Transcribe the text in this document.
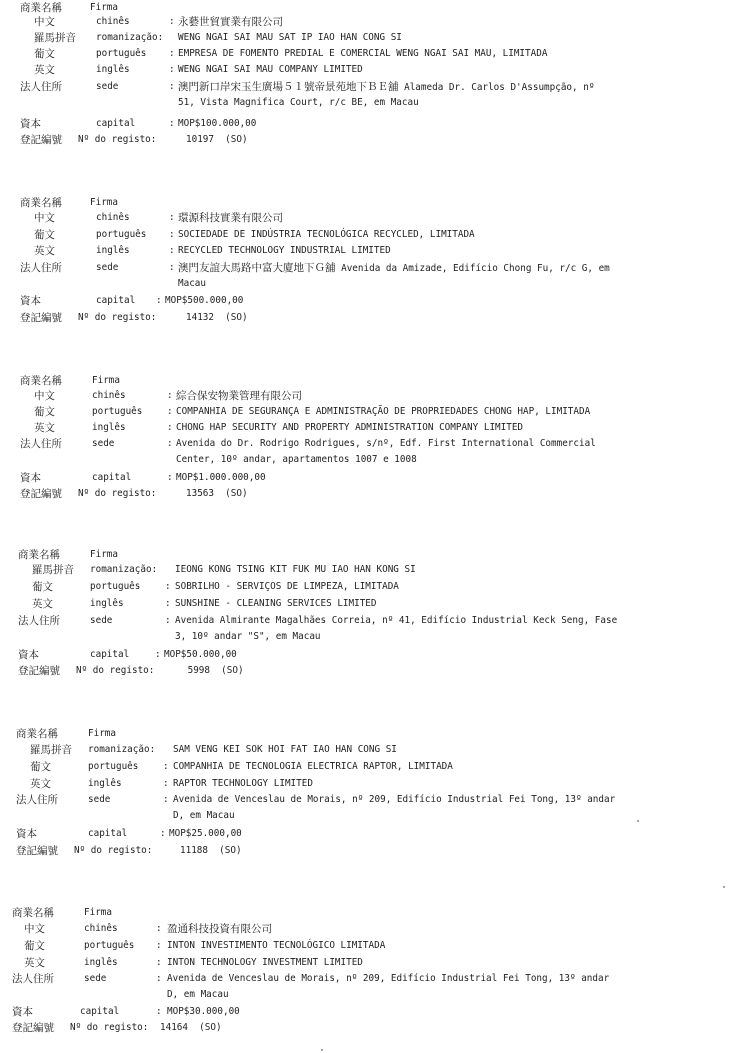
商業名稱	Firma
中文	chinês	: 永藝世貿實業有限公司
羅馬拼音 romanização: WENG NGAI SAI MAU SAT IP IAO HAN CONG SI
葡文	português : EMPRESA DE FOMENTO PREDIAL E COMERCIAL WENG NGAI SAI MAU, LIMITADA
英文	inglês	: WENG NGAI SAI MAU COMPANY LIMITED
法人住所	sede	: 澳門新口岸宋玉生廣場５１號帝景苑地下ＢＥ舖 Alameda Dr. Carlos D'Assumpção, nº
51, Vista Magnifica Court, r/c BE, em Macau
資本	capital	: MOP$100.000,00
登記編號 Nº do registo:	10197  (SO)
商業名稱	Firma
中文	chinês	: 環源科技實業有限公司
葡文	português : SOCIEDADE DE INDÚSTRIA TECNOLÓGICA RECYCLED, LIMITADA
英文	inglês	: RECYCLED TECHNOLOGY INDUSTRIAL LIMITED
法人住所	sede	: 澳門友誼大馬路中富大廈地下Ｇ舖 Avenida da Amizade, Edifício Chong Fu, r/c G, em
Macau
資本	capital : MOP$500.000,00
登記編號 Nº do registo:	14132  (SO)
商業名稱	Firma
中文	chinês	: 綜合保安物業管理有限公司
葡文	português	: COMPANHIA DE SEGURANÇA E ADMINISTRAÇÃO DE PROPRIEDADES CHONG HAP, LIMITADA
英文	inglês	: CHONG HAP SECURITY AND PROPERTY ADMINISTRATION COMPANY LIMITED
法人住所	sede	: Avenida do Dr. Rodrigo Rodrigues, s/nº, Edf. First International Commercial
Center, 10º andar, apartamentos 1007 e 1008
資本	capital	: MOP$1.000.000,00
登記編號 Nº do registo:	13563  (SO)
商業名稱	Firma
羅馬拼音 romanização: IEONG KONG TSING KIT FUK MU IAO HAN KONG SI
葡文	português	: SOBRILHO - SERVIÇOS DE LIMPEZA, LIMITADA
英文	inglês	: SUNSHINE - CLEANING SERVICES LIMITED
法人住所	sede	: Avenida Almirante Magalhães Correia, nº 41, Edifício Industrial Keck Seng, Fase
3, 10º andar "S", em Macau
資本	capital	: MOP$50.000,00
登記編號 Nº do registo:	5998  (SO)
商業名稱	Firma
羅馬拼音 romanização: SAM VENG KEI SOK HOI FAT IAO HAN CONG SI
葡文	português	: COMPANHIA DE TECNOLOGIA ELECTRICA RAPTOR, LIMITADA
英文	inglês	: RAPTOR TECHNOLOGY LIMITED
法人住所	sede	: Avenida de Venceslau de Morais, nº 209, Edifício Industrial Fei Tong, 13º andar
D, em Macau
資本	capital	: MOP$25.000,00
登記編號 Nº do registo:	11188  (SO)
商業名稱	Firma
中文	chinês	: 盈通科技投資有限公司
葡文	português : INTON INVESTIMENTO TECNOLÓGICO LIMITADA
英文	inglês	: INTON TECHNOLOGY INVESTMENT LIMITED
法人住所	sede	: Avenida de Venceslau de Morais, nº 209, Edifício Industrial Fei Tong, 13º andar
D, em Macau
資本	capital	: MOP$30.000,00
登記編號 Nº do registo: 14164  (SO)
